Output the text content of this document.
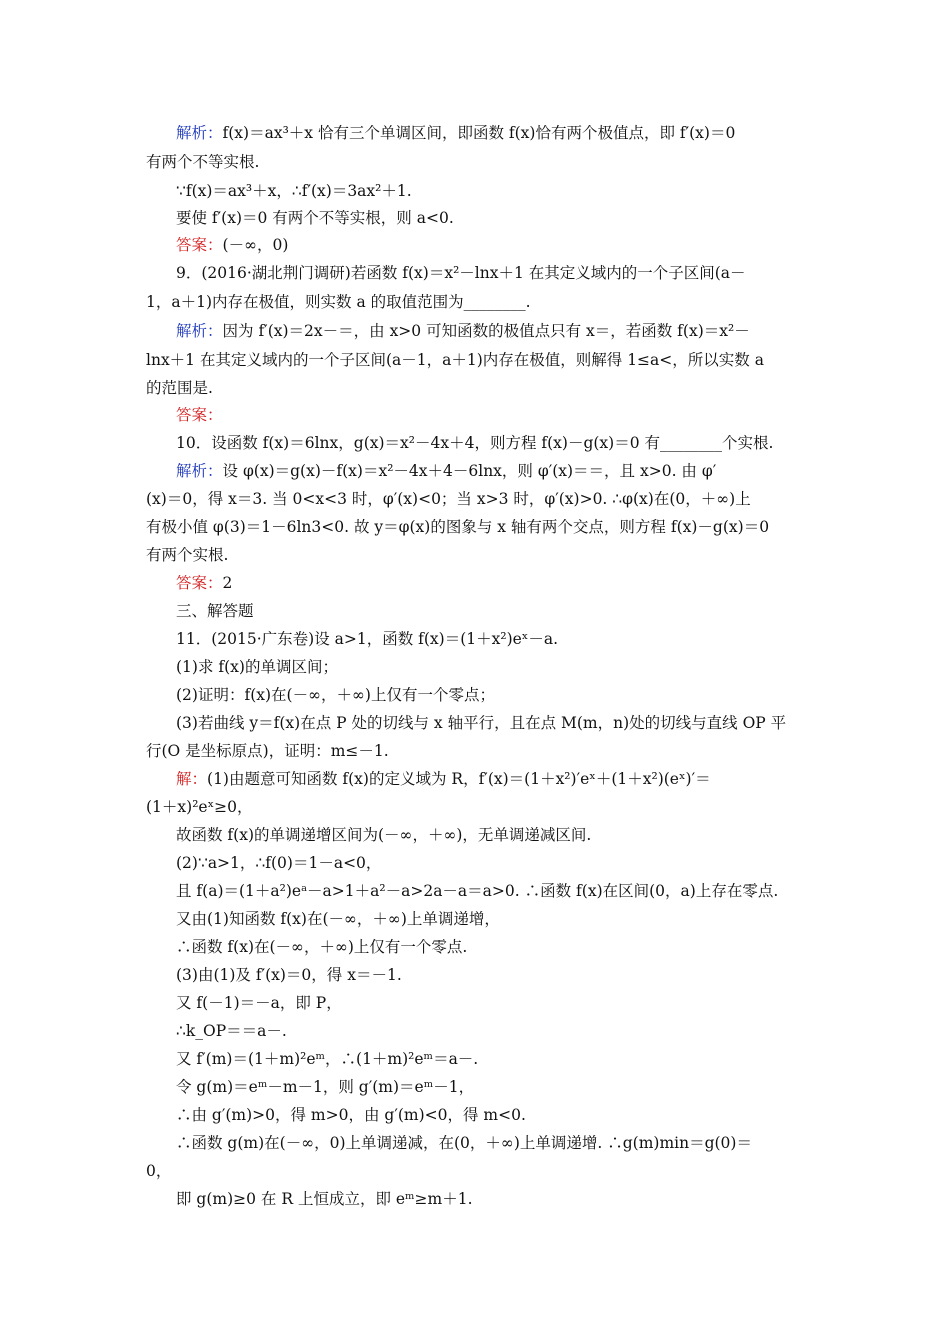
解析：f(x)＝ax³＋x 恰有三个单调区间，即函数 f(x)恰有两个极值点，即 f′(x)＝0
有两个不等实根.
∵f(x)＝ax³＋x，∴f′(x)＝3ax²＋1.
要使 f′(x)＝0 有两个不等实根，则 a<0.
答案：(－∞，0)
9．(2016·湖北荆门调研)若函数 f(x)＝x²－lnx＋1 在其定义域内的一个子区间(a－
1，a＋1)内存在极值，则实数 a 的取值范围为________.
解析：因为 f′(x)＝2x－＝，由 x>0 可知函数的极值点只有 x＝，若函数 f(x)＝x²－
lnx＋1 在其定义域内的一个子区间(a－1，a＋1)内存在极值，则解得 1≤a<，所以实数 a
的范围是.
答案：
10．设函数 f(x)＝6lnx，g(x)＝x²－4x＋4，则方程 f(x)－g(x)＝0 有________个实根.
解析：设 φ(x)＝g(x)－f(x)＝x²－4x＋4－6lnx，则 φ′(x)＝＝，且 x>0. 由 φ′
(x)＝0，得 x＝3. 当 0<x<3 时，φ′(x)<0；当 x>3 时，φ′(x)>0. ∴φ(x)在(0，＋∞)上
有极小值 φ(3)＝1－6ln3<0. 故 y＝φ(x)的图象与 x 轴有两个交点，则方程 f(x)－g(x)＝0
有两个实根.
答案：2
三、解答题
11．(2015·广东卷)设 a>1，函数 f(x)＝(1＋x²)eˣ－a.
(1)求 f(x)的单调区间；
(2)证明：f(x)在(－∞，＋∞)上仅有一个零点；
(3)若曲线 y＝f(x)在点 P 处的切线与 x 轴平行，且在点 M(m，n)处的切线与直线 OP 平
行(O 是坐标原点)，证明：m≤－1.
解：(1)由题意可知函数 f(x)的定义域为 R，f′(x)＝(1＋x²)′eˣ＋(1＋x²)(eˣ)′＝
(1＋x)²eˣ≥0，
故函数 f(x)的单调递增区间为(－∞，＋∞)，无单调递减区间.
(2)∵a>1，∴f(0)＝1－a<0，
且 f(a)＝(1＋a²)eᵃ－a>1＋a²－a>2a－a＝a>0. ∴函数 f(x)在区间(0，a)上存在零点.
又由(1)知函数 f(x)在(－∞，＋∞)上单调递增，
∴函数 f(x)在(－∞，＋∞)上仅有一个零点.
(3)由(1)及 f′(x)＝0，得 x＝－1.
又 f(－1)＝－a，即 P，
∴k_OP＝＝a－.
又 f′(m)＝(1＋m)²eᵐ，∴(1＋m)²eᵐ＝a－.
令 g(m)＝eᵐ－m－1，则 g′(m)＝eᵐ－1，
∴由 g′(m)>0，得 m>0，由 g′(m)<0，得 m<0.
∴函数 g(m)在(－∞，0)上单调递减，在(0，＋∞)上单调递增. ∴g(m)min＝g(0)＝
0，
即 g(m)≥0 在 R 上恒成立，即 eᵐ≥m＋1.
